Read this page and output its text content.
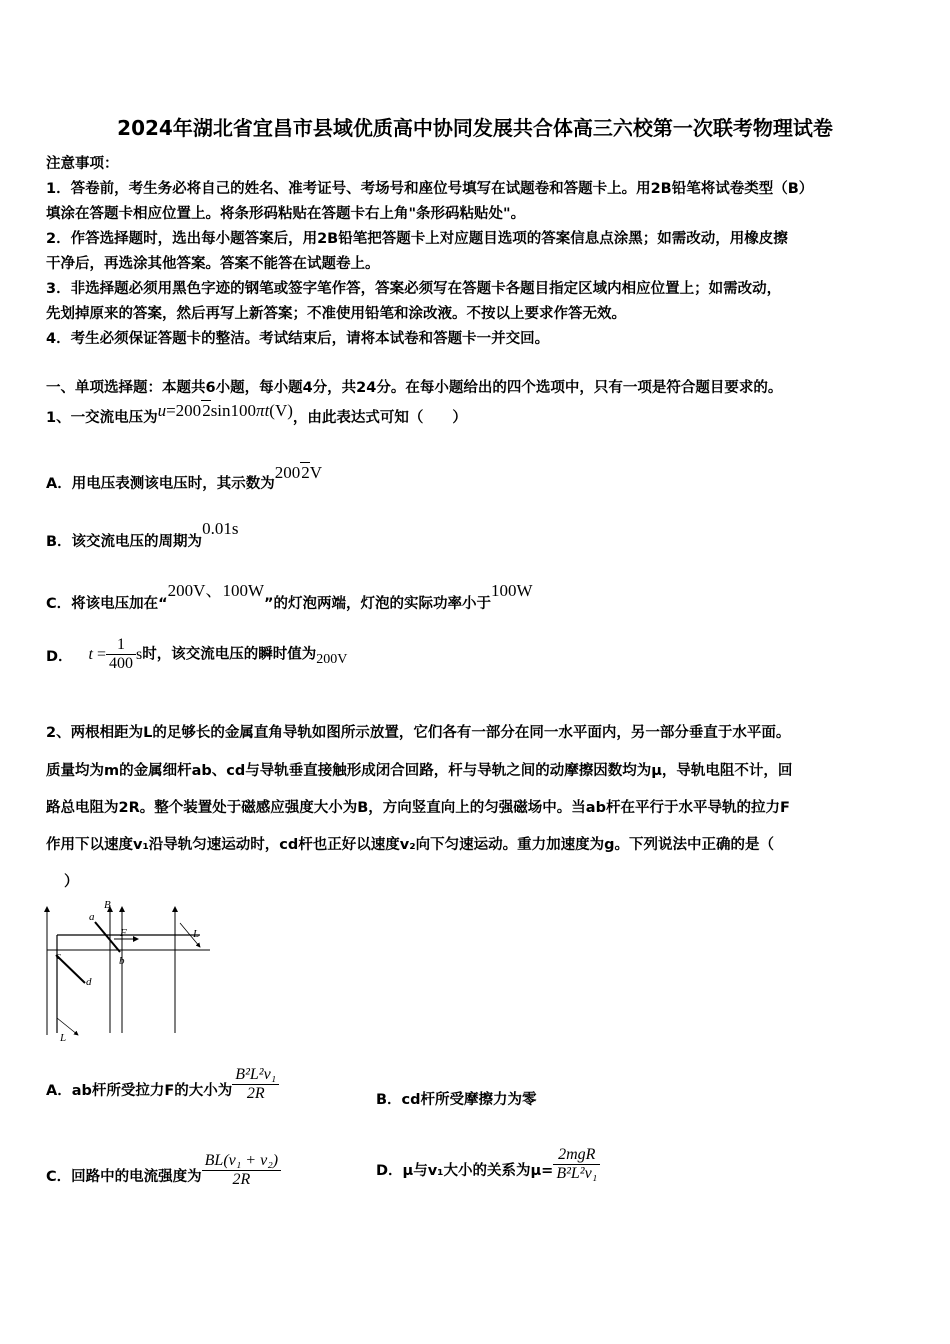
2024年湖北省宜昌市县域优质高中协同发展共合体高三六校第一次联考物理试卷
注意事项：
1．答卷前，考生务必将自己的姓名、准考证号、考场号和座位号填写在试题卷和答题卡上。用2B铅笔将试卷类型（B）
填涂在答题卡相应位置上。将条形码粘贴在答题卡右上角"条形码粘贴处"。
2．作答选择题时，选出每小题答案后，用2B铅笔把答题卡上对应题目选项的答案信息点涂黑；如需改动，用橡皮擦
干净后，再选涂其他答案。答案不能答在试题卷上。
3．非选择题必须用黑色字迹的钢笔或签字笔作答，答案必须写在答题卡各题目指定区域内相应位置上；如需改动，
先划掉原来的答案，然后再写上新答案；不准使用铅笔和涂改液。不按以上要求作答无效。
4．考生必须保证答题卡的整洁。考试结束后，请将本试卷和答题卡一并交回。
一、单项选择题：本题共6小题，每小题4分，共24分。在每小题给出的四个选项中，只有一项是符合题目要求的。
1、一交流电压为u=2002sin100πt(V)，由此表达式可知（　　）
A．用电压表测该电压时，其示数为2002V
B．该交流电压的周期为0.01s
C．将该电压加在“200V、100W”的灯泡两端，灯泡的实际功率小于100W
D． $t = \frac{1}{400}$ s时，该交流电压的瞬时值为200V
2、两根相距为L的足够长的金属直角导轨如图所示放置，它们各有一部分在同一水平面内，另一部分垂直于水平面。
质量均为m的金属细杆ab、cd与导轨垂直接触形成闭合回路，杆与导轨之间的动摩擦因数均为μ，导轨电阻不计，回
路总电阻为2R。整个装置处于磁感应强度大小为B，方向竖直向上的匀强磁场中。当ab杆在平行于水平导轨的拉力F
作用下以速度v₁沿导轨匀速运动时，cd杆也正好以速度v₂向下匀速运动。重力加速度为g。下列说法中正确的是（
）
a
B
F
b
c
d
L
L
A．ab杆所受拉力F的大小为 $\frac{\text{B²L²v₁}}{2R}$	B．cd杆所受摩擦力为零
C．回路中的电流强度为 $\frac{\text{BL(v₁ + v₂)}}{2R}$	D．μ与v₁大小的关系为$\mu= \frac{\text{2mgR}}{\text{B²L²v₁}}$
